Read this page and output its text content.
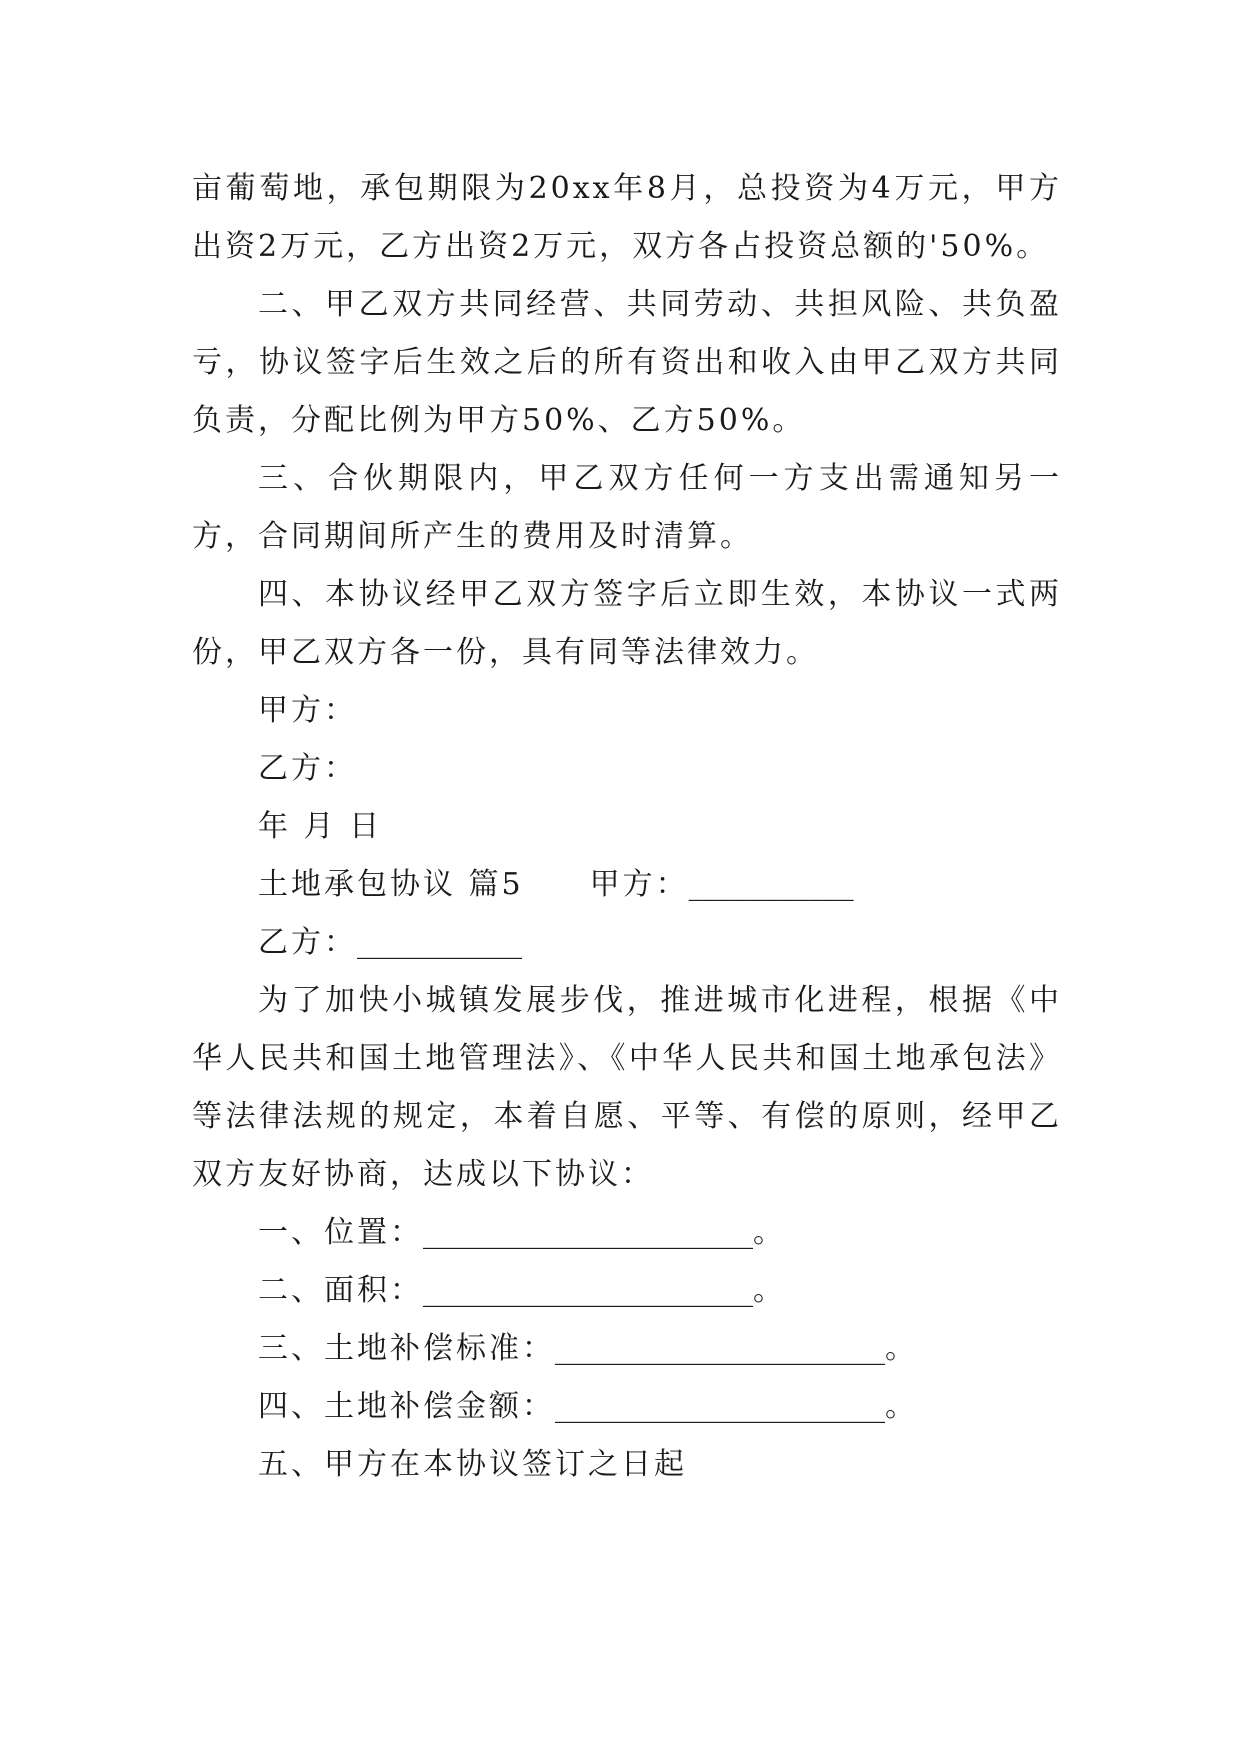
亩葡萄地，承包期限为20xx年8月，总投资为4万元，甲方出资2万元，乙方出资2万元，双方各占投资总额的'50%。

二、甲乙双方共同经营、共同劳动、共担风险、共负盈亏，协议签字后生效之后的所有资出和收入由甲乙双方共同负责，分配比例为甲方50%、乙方50%。

三、合伙期限内，甲乙双方任何一方支出需通知另一方，合同期间所产生的费用及时清算。

四、本协议经甲乙双方签字后立即生效，本协议一式两份，甲乙双方各一份，具有同等法律效力。

甲方：

乙方：

年 月 日

土地承包协议 篇5 甲方：___________

乙方：___________

为了加快小城镇发展步伐，推进城市化进程，根据《中华人民共和国土地管理法》、《中华人民共和国土地承包法》等法律法规的规定，本着自愿、平等、有偿的原则，经甲乙双方友好协商，达成以下协议：

一、位置：______________________。

二、面积：______________________。

三、土地补偿标准：______________________。

四、土地补偿金额：______________________。

五、甲方在本协议签订之日起
